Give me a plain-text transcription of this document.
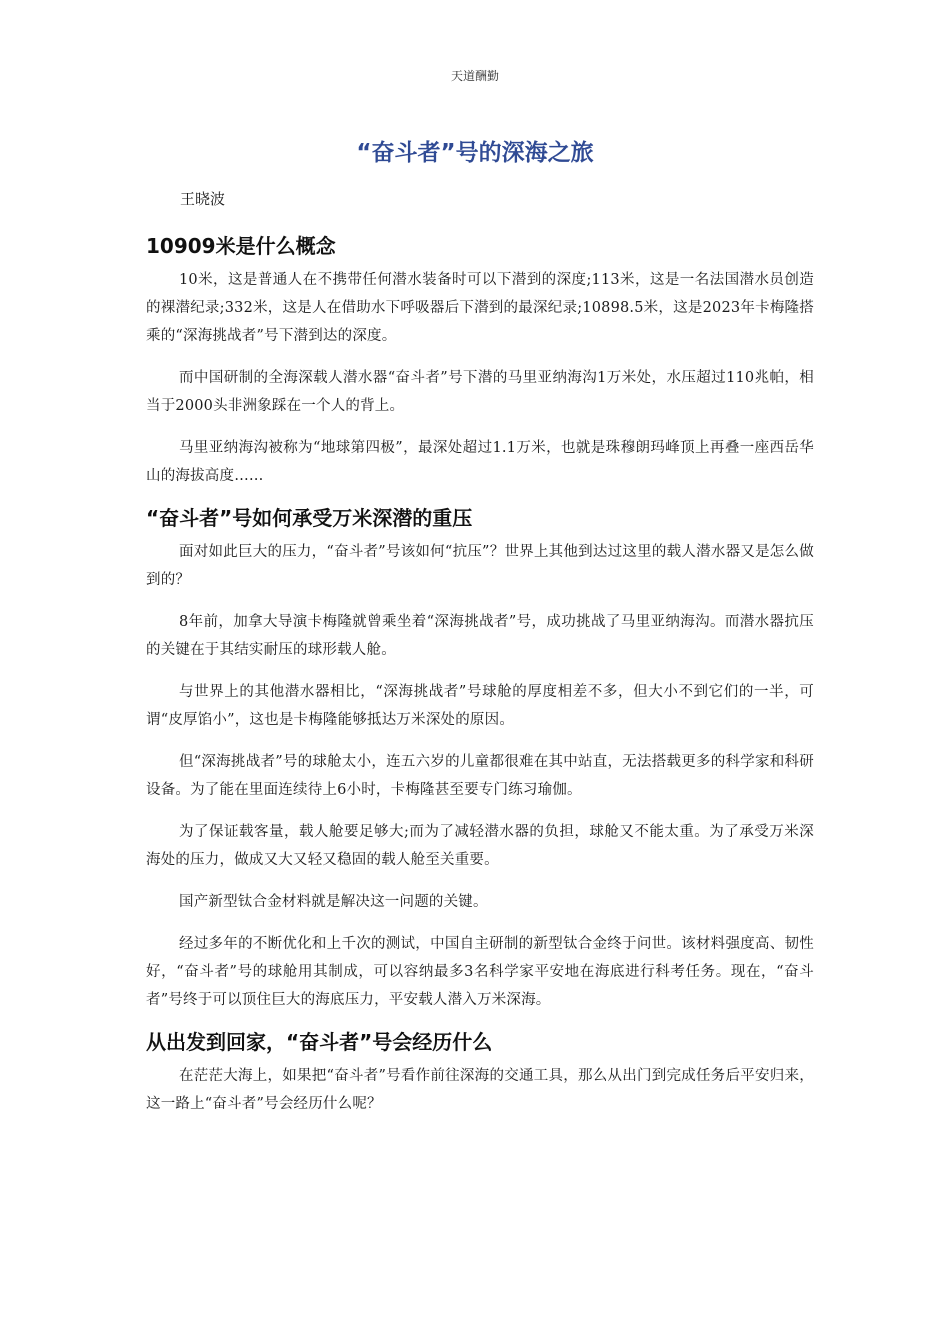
天道酬勤
“奋斗者”号的深海之旅
王晓波
10909米是什么概念

10米，这是普通人在不携带任何潜水装备时可以下潜到的深度;113米，这是一名法国潜水员创造的裸潜纪录;332米，这是人在借助水下呼吸器后下潜到的最深纪录;10898.5米，这是2023年卡梅隆搭乘的“深海挑战者”号下潜到达的深度。

而中国研制的全海深载人潜水器“奋斗者”号下潜的马里亚纳海沟1万米处，水压超过110兆帕，相当于2000头非洲象踩在一个人的背上。

马里亚纳海沟被称为“地球第四极”，最深处超过1.1万米，也就是珠穆朗玛峰顶上再叠一座西岳华山的海拔高度……

“奋斗者”号如何承受万米深潜的重压

面对如此巨大的压力，“奋斗者”号该如何“抗压”？世界上其他到达过这里的载人潜水器又是怎么做到的？

8年前，加拿大导演卡梅隆就曾乘坐着“深海挑战者”号，成功挑战了马里亚纳海沟。而潜水器抗压的关键在于其结实耐压的球形载人舱。

与世界上的其他潜水器相比，“深海挑战者”号球舱的厚度相差不多，但大小不到它们的一半，可谓“皮厚馅小”，这也是卡梅隆能够抵达万米深处的原因。

但“深海挑战者”号的球舱太小，连五六岁的儿童都很难在其中站直，无法搭载更多的科学家和科研设备。为了能在里面连续待上6小时，卡梅隆甚至要专门练习瑜伽。

为了保证载客量，载人舱要足够大;而为了减轻潜水器的负担，球舱又不能太重。为了承受万米深海处的压力，做成又大又轻又稳固的载人舱至关重要。

国产新型钛合金材料就是解决这一问题的关键。

经过多年的不断优化和上千次的测试，中国自主研制的新型钛合金终于问世。该材料强度高、韧性好，“奋斗者”号的球舱用其制成，可以容纳最多3名科学家平安地在海底进行科考任务。现在，“奋斗者”号终于可以顶住巨大的海底压力，平安载人潜入万米深海。

从出发到回家，“奋斗者”号会经历什么

在茫茫大海上，如果把“奋斗者”号看作前往深海的交通工具，那么从出门到完成任务后平安归来，这一路上“奋斗者”号会经历什么呢？
